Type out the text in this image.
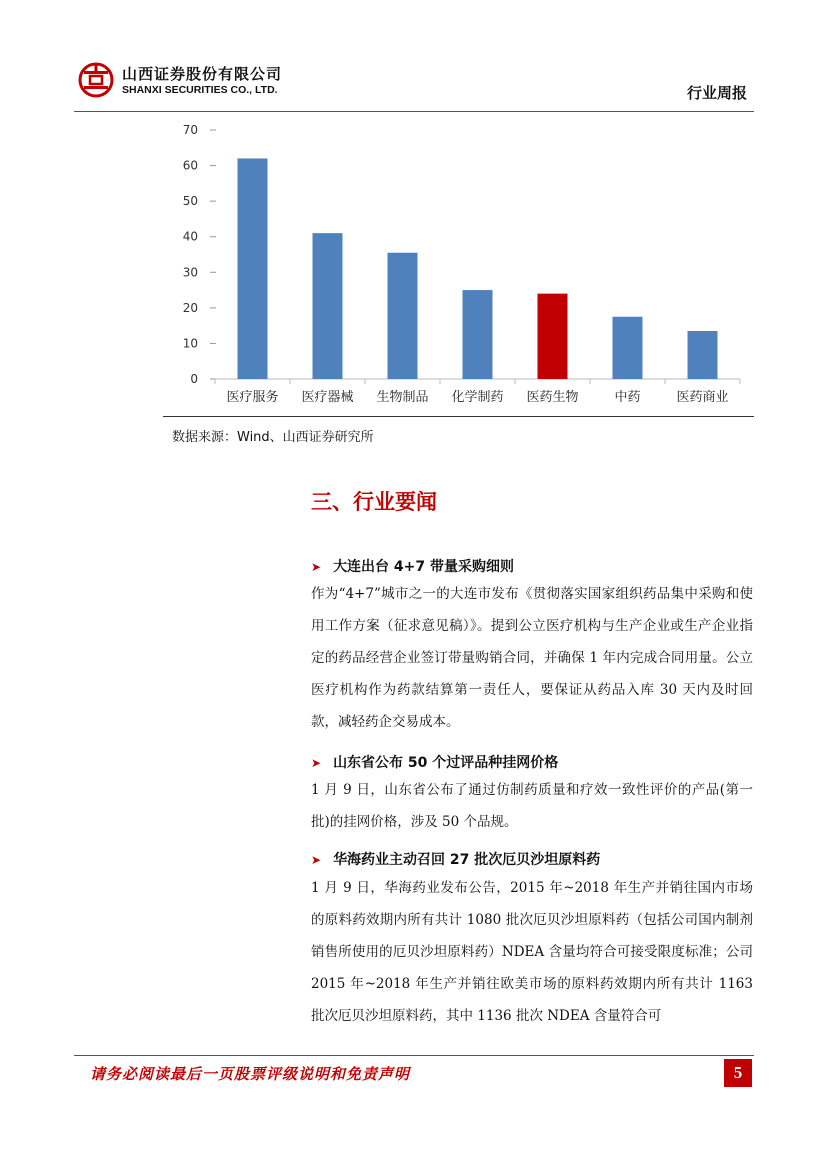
山西证券股份有限公司
SHANXI SECURITIES CO., LTD.	行业周报
0
10
20
30
40
50
60
70
医疗服务 医疗器械 生物制品 化学制药 医药生物	中药	医药商业
数据来源：Wind、山西证券研究所
三、行业要闻
➤ 大连出台 4+7 带量采购细则
作为“4+7”城市之一的大连市发布《贯彻落实国家组织药品集中采购和使用工作方案（征求意见稿）》。提到公立医疗机构与生产企业或生产企业指定的药品经营企业签订带量购销合同，并确保 1 年内完成合同用量。公立医疗机构作为药款结算第一责任人，要保证从药品入库 30 天内及时回款，减轻药企交易成本。
➤ 山东省公布 50 个过评品种挂网价格
1 月 9 日，山东省公布了通过仿制药质量和疗效一致性评价的产品(第一批)的挂网价格，涉及 50 个品规。
➤ 华海药业主动召回 27 批次厄贝沙坦原料药
1 月 9 日，华海药业发布公告，2015 年~2018 年生产并销往国内市场的原料药效期内所有共计 1080 批次厄贝沙坦原料药（包括公司国内制剂销售所使用的厄贝沙坦原料药）NDEA 含量均符合可接受限度标准；公司 2015 年~2018 年生产并销往欧美市场的原料药效期内所有共计 1163 批次厄贝沙坦原料药，其中 1136 批次 NDEA 含量符合可
请务必阅读最后一页股票评级说明和免责声明	5
